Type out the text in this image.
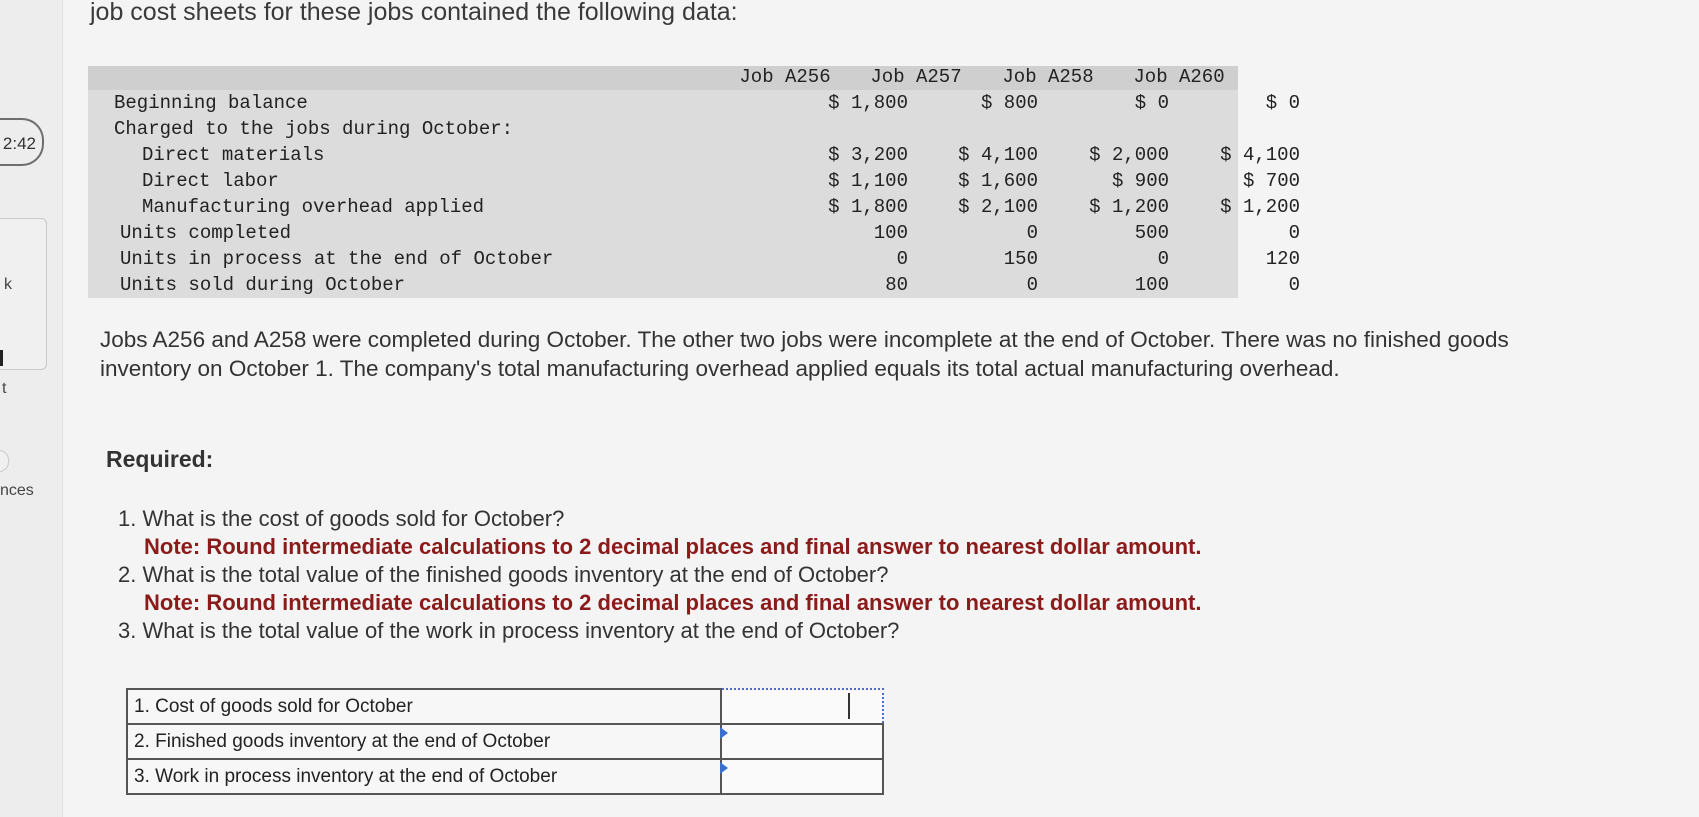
2:42
k
t
nces
job cost sheets for these jobs contained the following data:
Job A256	Job A257	Job A258	Job A260
Beginning balance	$ 1,800	$ 800	$ 0	$ 0
Charged to the jobs during October:
Direct materials	$ 3,200	$ 4,100	$ 2,000	$ 4,100
Direct labor	$ 1,100	$ 1,600	$ 900	$ 700
Manufacturing overhead applied	$ 1,800	$ 2,100	$ 1,200	$ 1,200
Units completed	100	0	500	0
Units in process at the end of October	0	150	0	120
Units sold during October	80	0	100	0
Jobs A256 and A258 were completed during October. The other two jobs were incomplete at the end of October. There was no finished goods inventory on October 1. The company's total manufacturing overhead applied equals its total actual manufacturing overhead.
Required:
1. What is the cost of goods sold for October?
Note: Round intermediate calculations to 2 decimal places and final answer to nearest dollar amount.
2. What is the total value of the finished goods inventory at the end of October?
Note: Round intermediate calculations to 2 decimal places and final answer to nearest dollar amount.
3. What is the total value of the work in process inventory at the end of October?
1. Cost of goods sold for October	

2. Finished goods inventory at the end of October	

3. Work in process inventory at the end of October	
